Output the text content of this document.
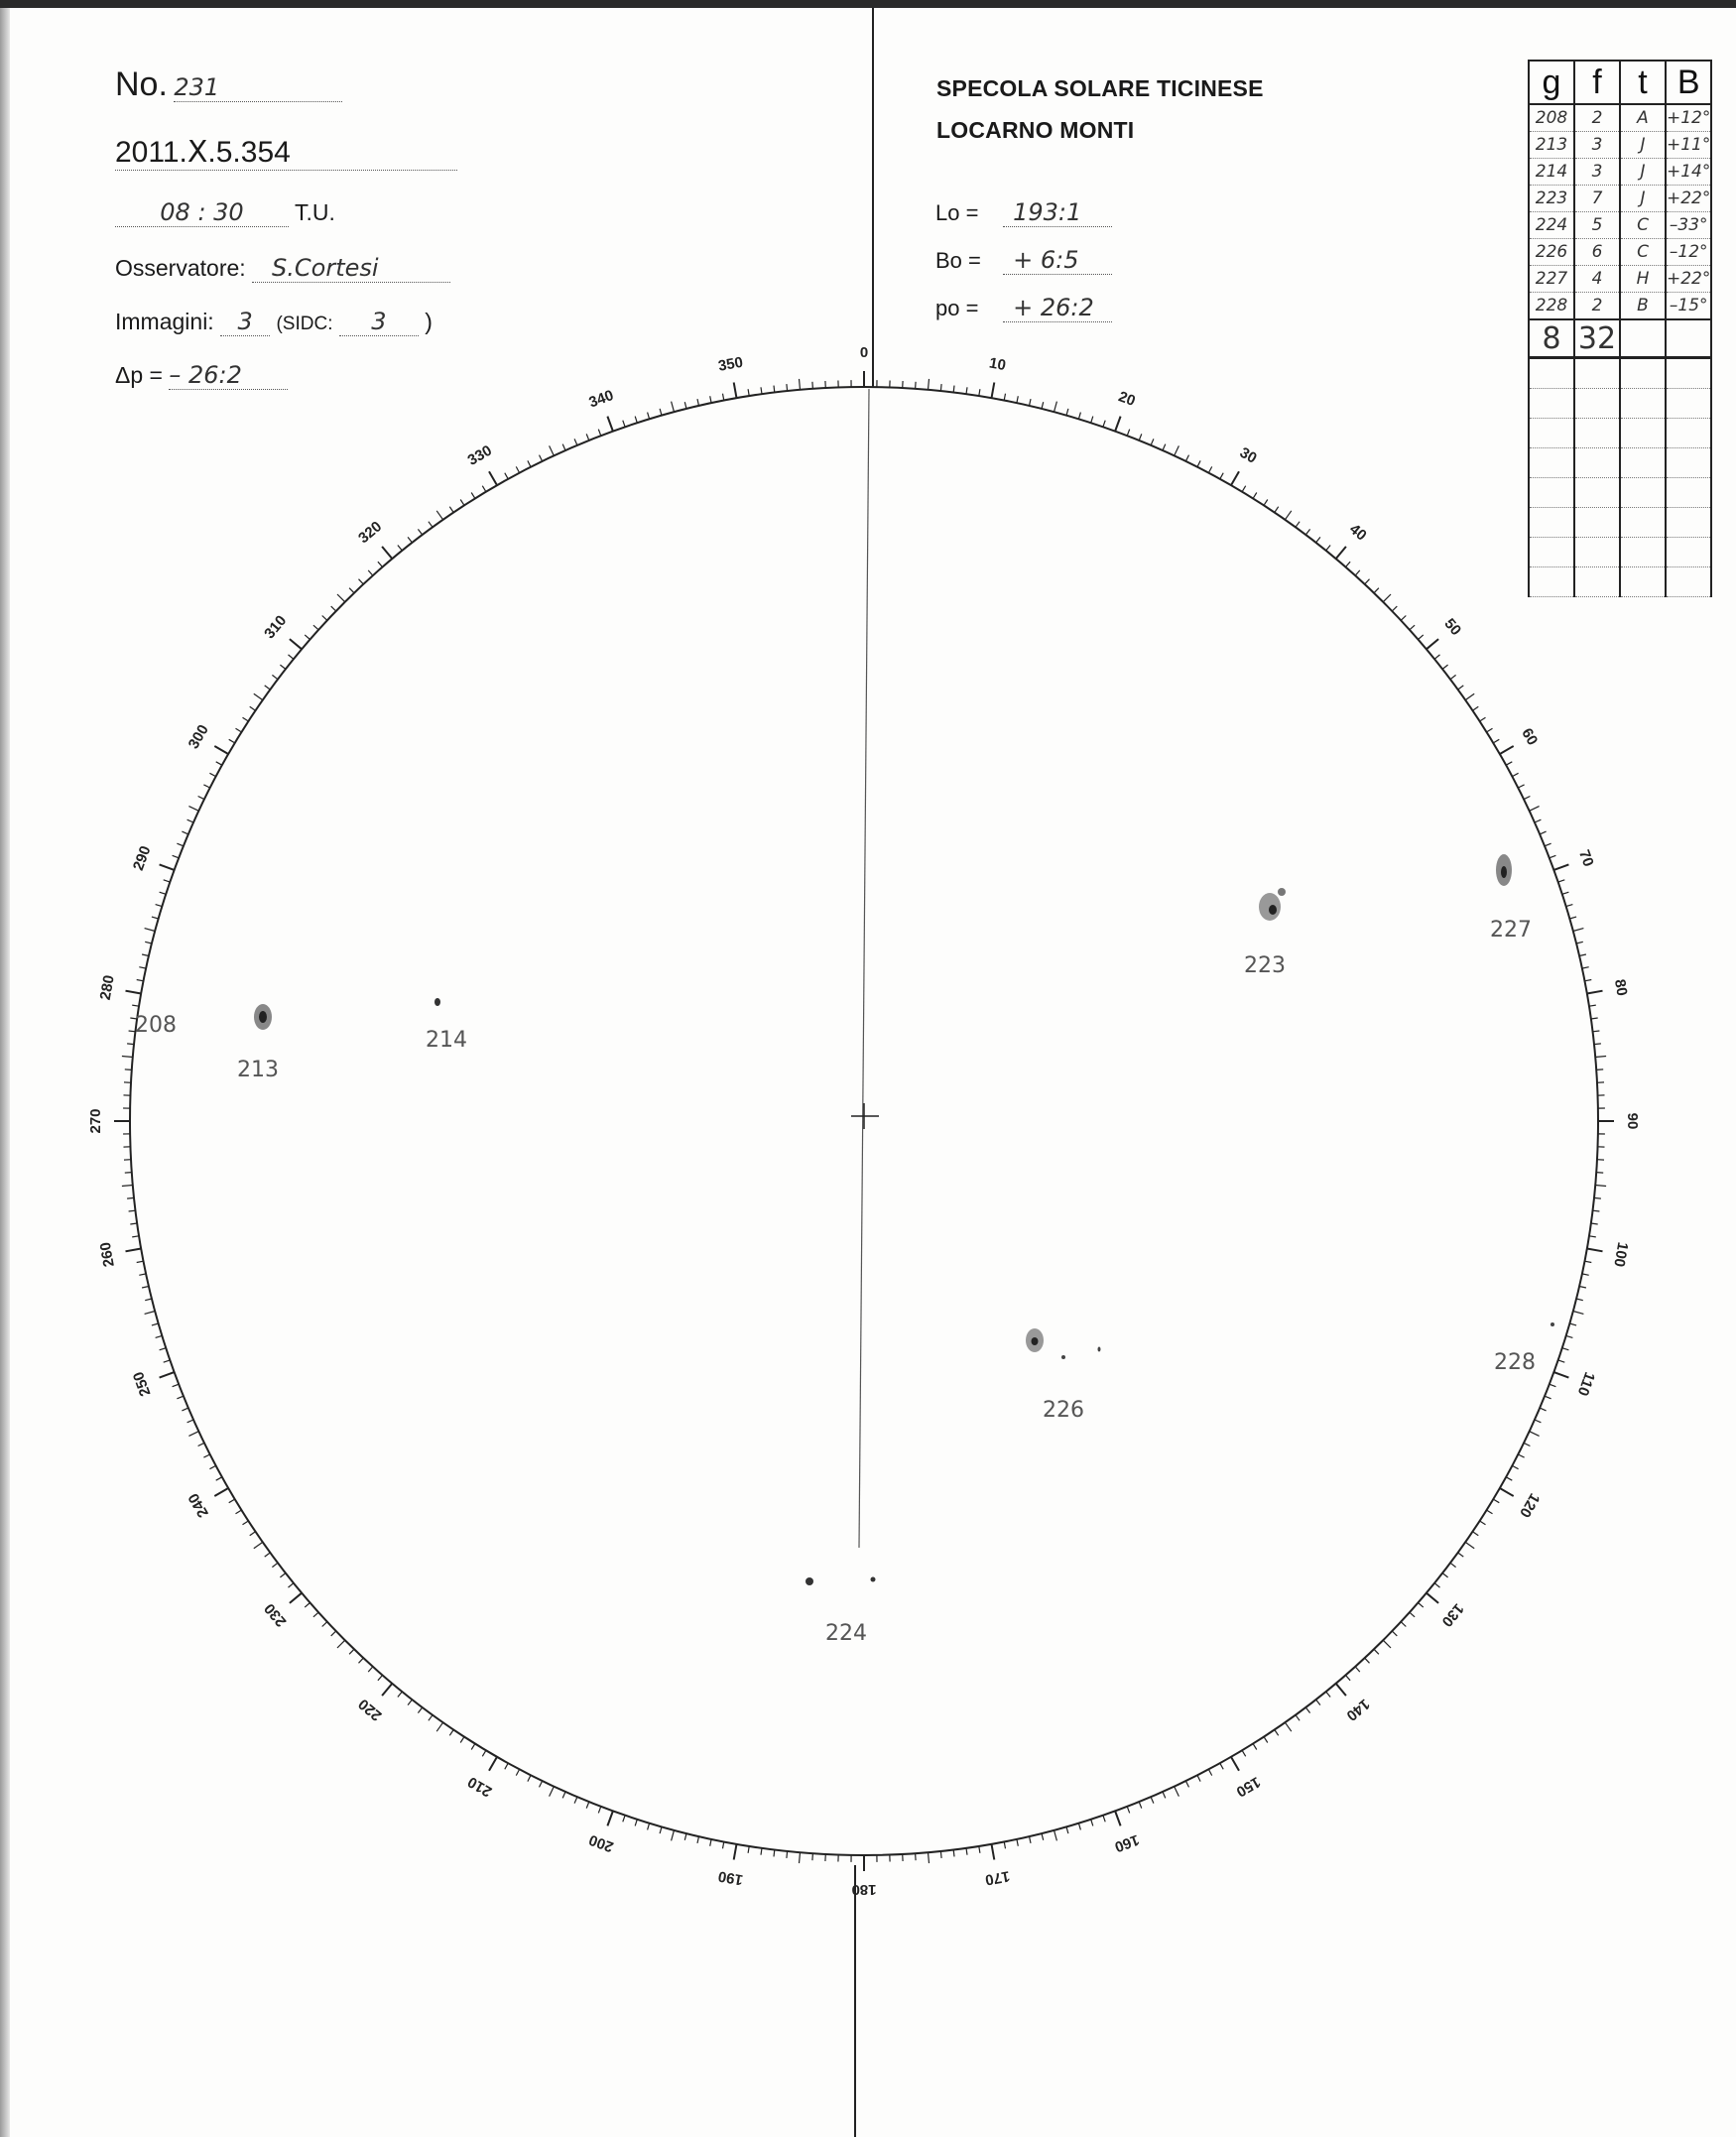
No. 231
2011.Ⅹ.5.354
08 : 30 T.U.
Osservatore: S.Cortesi
Immagini: 3 (SIDC: 3 )
Δp = – 26:2
SPECOLA SOLARE TICINESE
LOCARNO MONTI
Lo = 193:1
Bo = + 6:5
po = + 26:2
g	f	t	B
208	2	A	+12°
213	3	J	+11°
214	3	J	+14°
223	7	J	+22°
224	5	C	–33°
226	6	C	–12°
227	4	H	+22°
228	2	B	–15°
8	32		

0
10
20
30
40
50
60
70
80
90
100
110
120
130
140
150
160
170
180
190
200
210
220
230
240
250
260
270
280
290
300
310
320
330
340
350
208
213
214
223
224
226
227
228
